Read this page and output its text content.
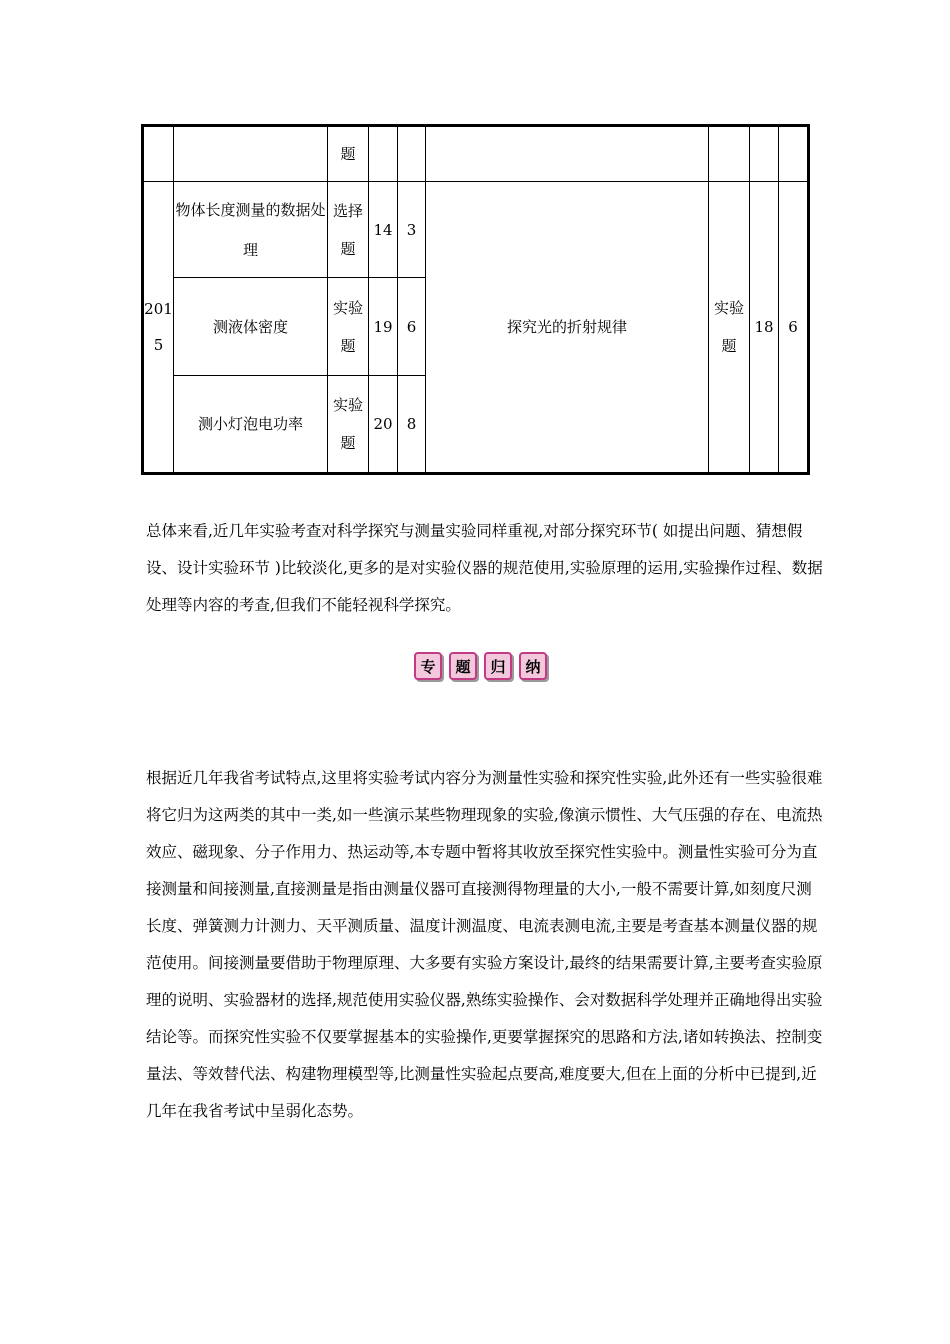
		题						
2015	物体长度测量的数据处理	选择题	14	3	探究光的折射规律	实验题	18	6
	测液体密度	实验题	19	6				
	测小灯泡电功率	实验题	20	8				

总体来看,近几年实验考查对科学探究与测量实验同样重视,对部分探究环节( 如提出问题、猜想假设、设计实验环节 )比较淡化,更多的是对实验仪器的规范使用,实验原理的运用,实验操作过程、数据处理等内容的考查,但我们不能轻视科学探究。

专	题	归	纳

根据近几年我省考试特点,这里将实验考试内容分为测量性实验和探究性实验,此外还有一些实验很难将它归为这两类的其中一类,如一些演示某些物理现象的实验,像演示惯性、大气压强的存在、电流热效应、磁现象、分子作用力、热运动等,本专题中暂将其收放至探究性实验中。测量性实验可分为直接测量和间接测量,直接测量是指由测量仪器可直接测得物理量的大小,一般不需要计算,如刻度尺测长度、弹簧测力计测力、天平测质量、温度计测温度、电流表测电流,主要是考查基本测量仪器的规范使用。间接测量要借助于物理原理、大多要有实验方案设计,最终的结果需要计算,主要考查实验原理的说明、实验器材的选择,规范使用实验仪器,熟练实验操作、会对数据科学处理并正确地得出实验结论等。而探究性实验不仅要掌握基本的实验操作,更要掌握探究的思路和方法,诸如转换法、控制变量法、等效替代法、构建物理模型等,比测量性实验起点要高,难度要大,但在上面的分析中已提到,近几年在我省考试中呈弱化态势。
